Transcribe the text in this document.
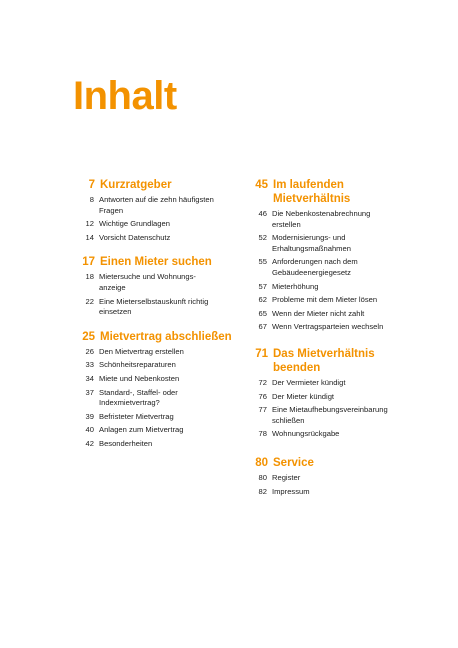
Inhalt
7 Kurzratgeber
8 Antworten auf die zehn häufigsten Fragen
12 Wichtige Grundlagen
14 Vorsicht Datenschutz
17 Einen Mieter suchen
18 Mietersuche und Wohnungs-anzeige
22 Eine Mieterselbstauskunft richtig einsetzen
25 Mietvertrag abschließen
26 Den Mietvertrag erstellen
33 Schönheitsreparaturen
34 Miete und Nebenkosten
37 Standard-, Staffel- oder Indexmietvertrag?
39 Befristeter Mietvertrag
40 Anlagen zum Mietvertrag
42 Besonderheiten
45 Im laufenden Mietverhältnis
46 Die Nebenkostenabrechnung erstellen
52 Modernisierungs- und Erhaltungsmaßnahmen
55 Anforderungen nach dem Gebäudeenergiegesetz
57 Mieterhöhung
62 Probleme mit dem Mieter lösen
65 Wenn der Mieter nicht zahlt
67 Wenn Vertragsparteien wechseln
71 Das Mietverhältnis beenden
72 Der Vermieter kündigt
76 Der Mieter kündigt
77 Eine Mietaufhebungsvereinbarung schließen
78 Wohnungsrückgabe
80 Service
80 Register
82 Impressum
